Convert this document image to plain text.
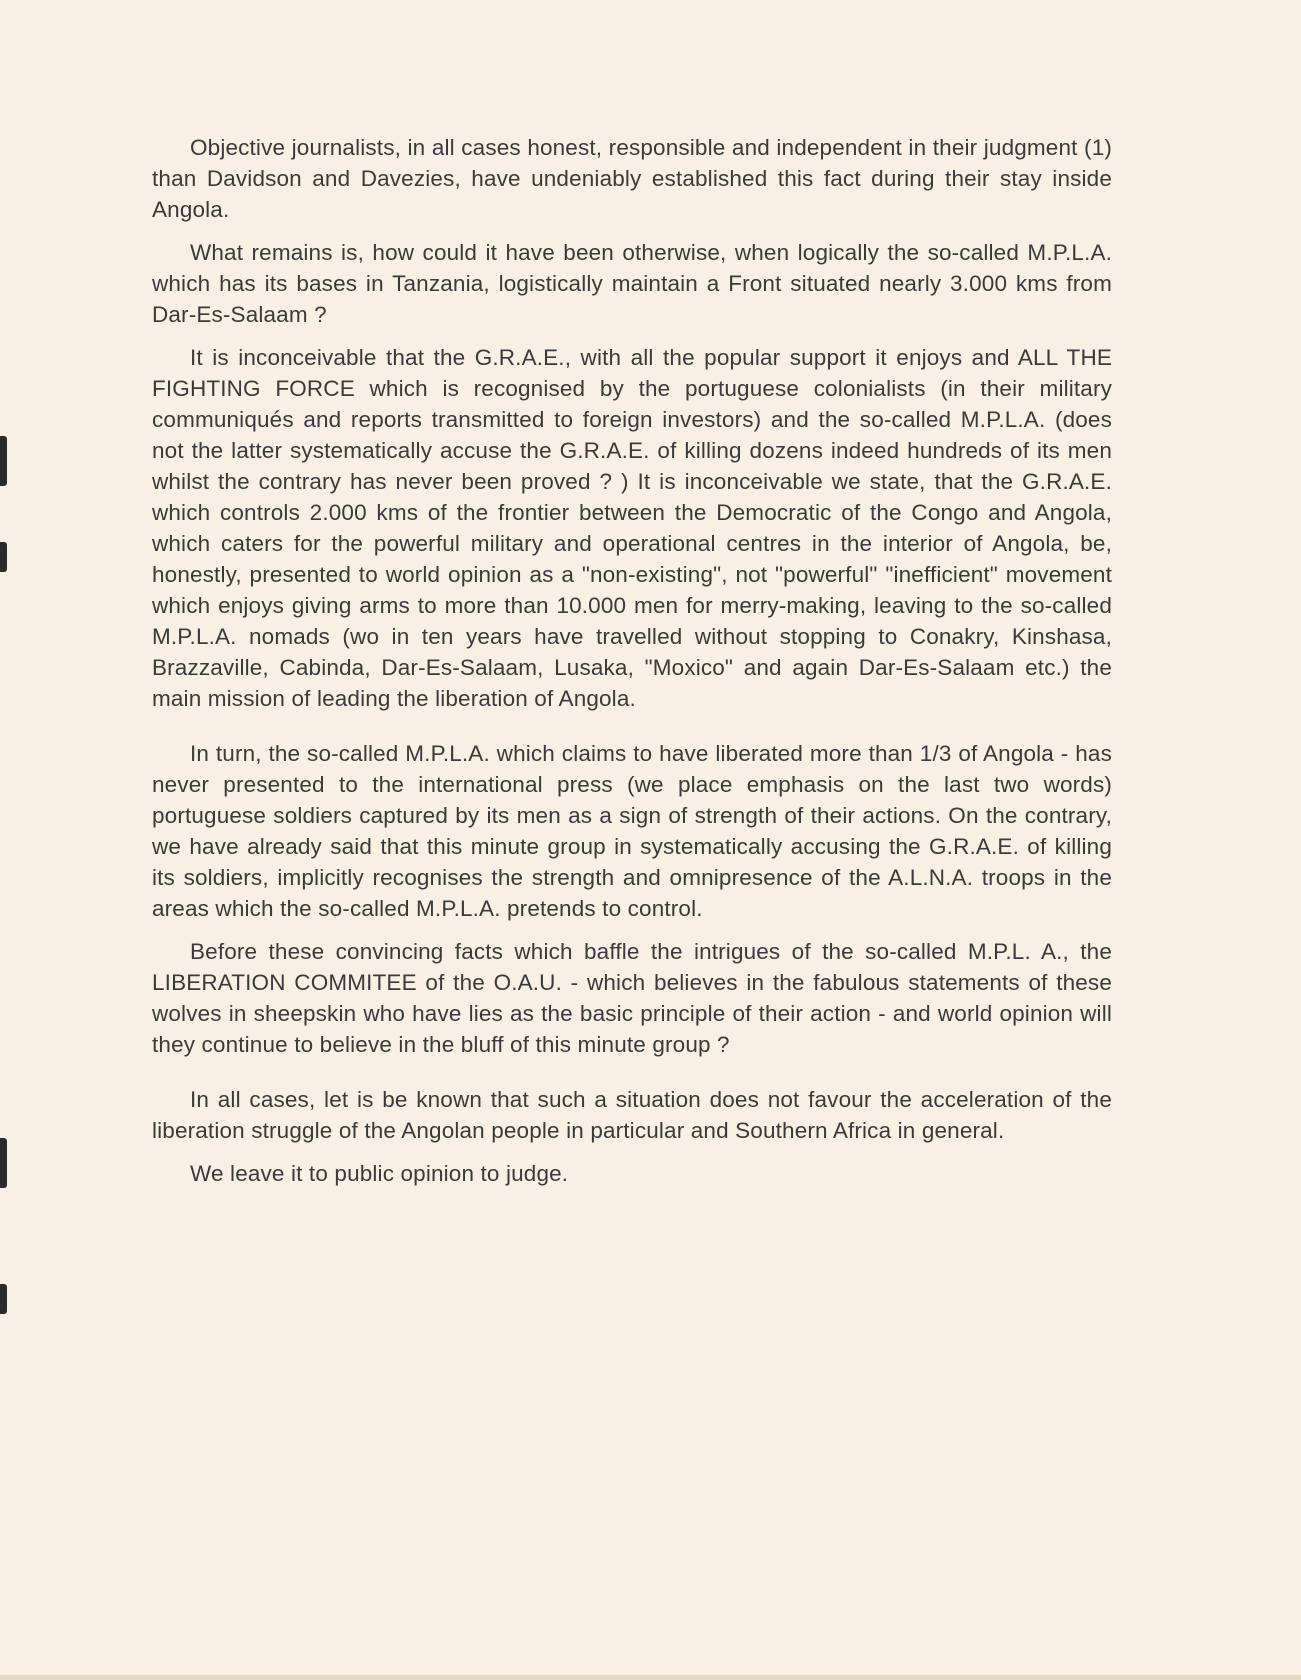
Objective journalists, in all cases honest, responsible and independent in their judgment (1) than Davidson and Davezies, have undeniably established this fact during their stay inside Angola.

What remains is, how could it have been otherwise, when logically the so-called M.P.L.A. which has its bases in Tanzania, logistically maintain a Front situated nearly 3.000 kms from Dar-Es-Salaam ?

It is inconceivable that the G.R.A.E., with all the popular support it enjoys and ALL THE FIGHTING FORCE which is recognised by the portuguese colonialists (in their military communiqués and reports transmitted to foreign investors) and the so-called M.P.L.A. (does not the latter systematically accuse the G.R.A.E. of killing dozens indeed hundreds of its men whilst the contrary has never been proved ? ) It is inconceivable we state, that the G.R.A.E. which controls 2.000 kms of the frontier between the Democratic of the Congo and Angola, which caters for the powerful military and operational centres in the interior of Angola, be, honestly, presented to world opinion as a "non-existing", not "powerful" "inefficient" movement which enjoys giving arms to more than 10.000 men for merry-making, leaving to the so-called M.P.L.A. nomads (wo in ten years have travelled without stopping to Conakry, Kinshasa, Brazzaville, Cabinda, Dar-Es-Salaam, Lusaka, "Moxico" and again Dar-Es-Salaam etc.) the main mission of leading the liberation of Angola.

In turn, the so-called M.P.L.A. which claims to have liberated more than 1/3 of Angola - has never presented to the international press (we place emphasis on the last two words) portuguese soldiers captured by its men as a sign of strength of their actions. On the contrary, we have already said that this minute group in systematically accusing the G.R.A.E. of killing its soldiers, implicitly recognises the strength and omnipresence of the A.L.N.A. troops in the areas which the so-called M.P.L.A. pretends to control.

Before these convincing facts which baffle the intrigues of the so-called M.P.L. A., the LIBERATION COMMITEE of the O.A.U. - which believes in the fabulous statements of these wolves in sheepskin who have lies as the basic principle of their action - and world opinion will they continue to believe in the bluff of this minute group ?

In all cases, let is be known that such a situation does not favour the acceleration of the liberation struggle of the Angolan people in particular and Southern Africa in general.

We leave it to public opinion to judge.
